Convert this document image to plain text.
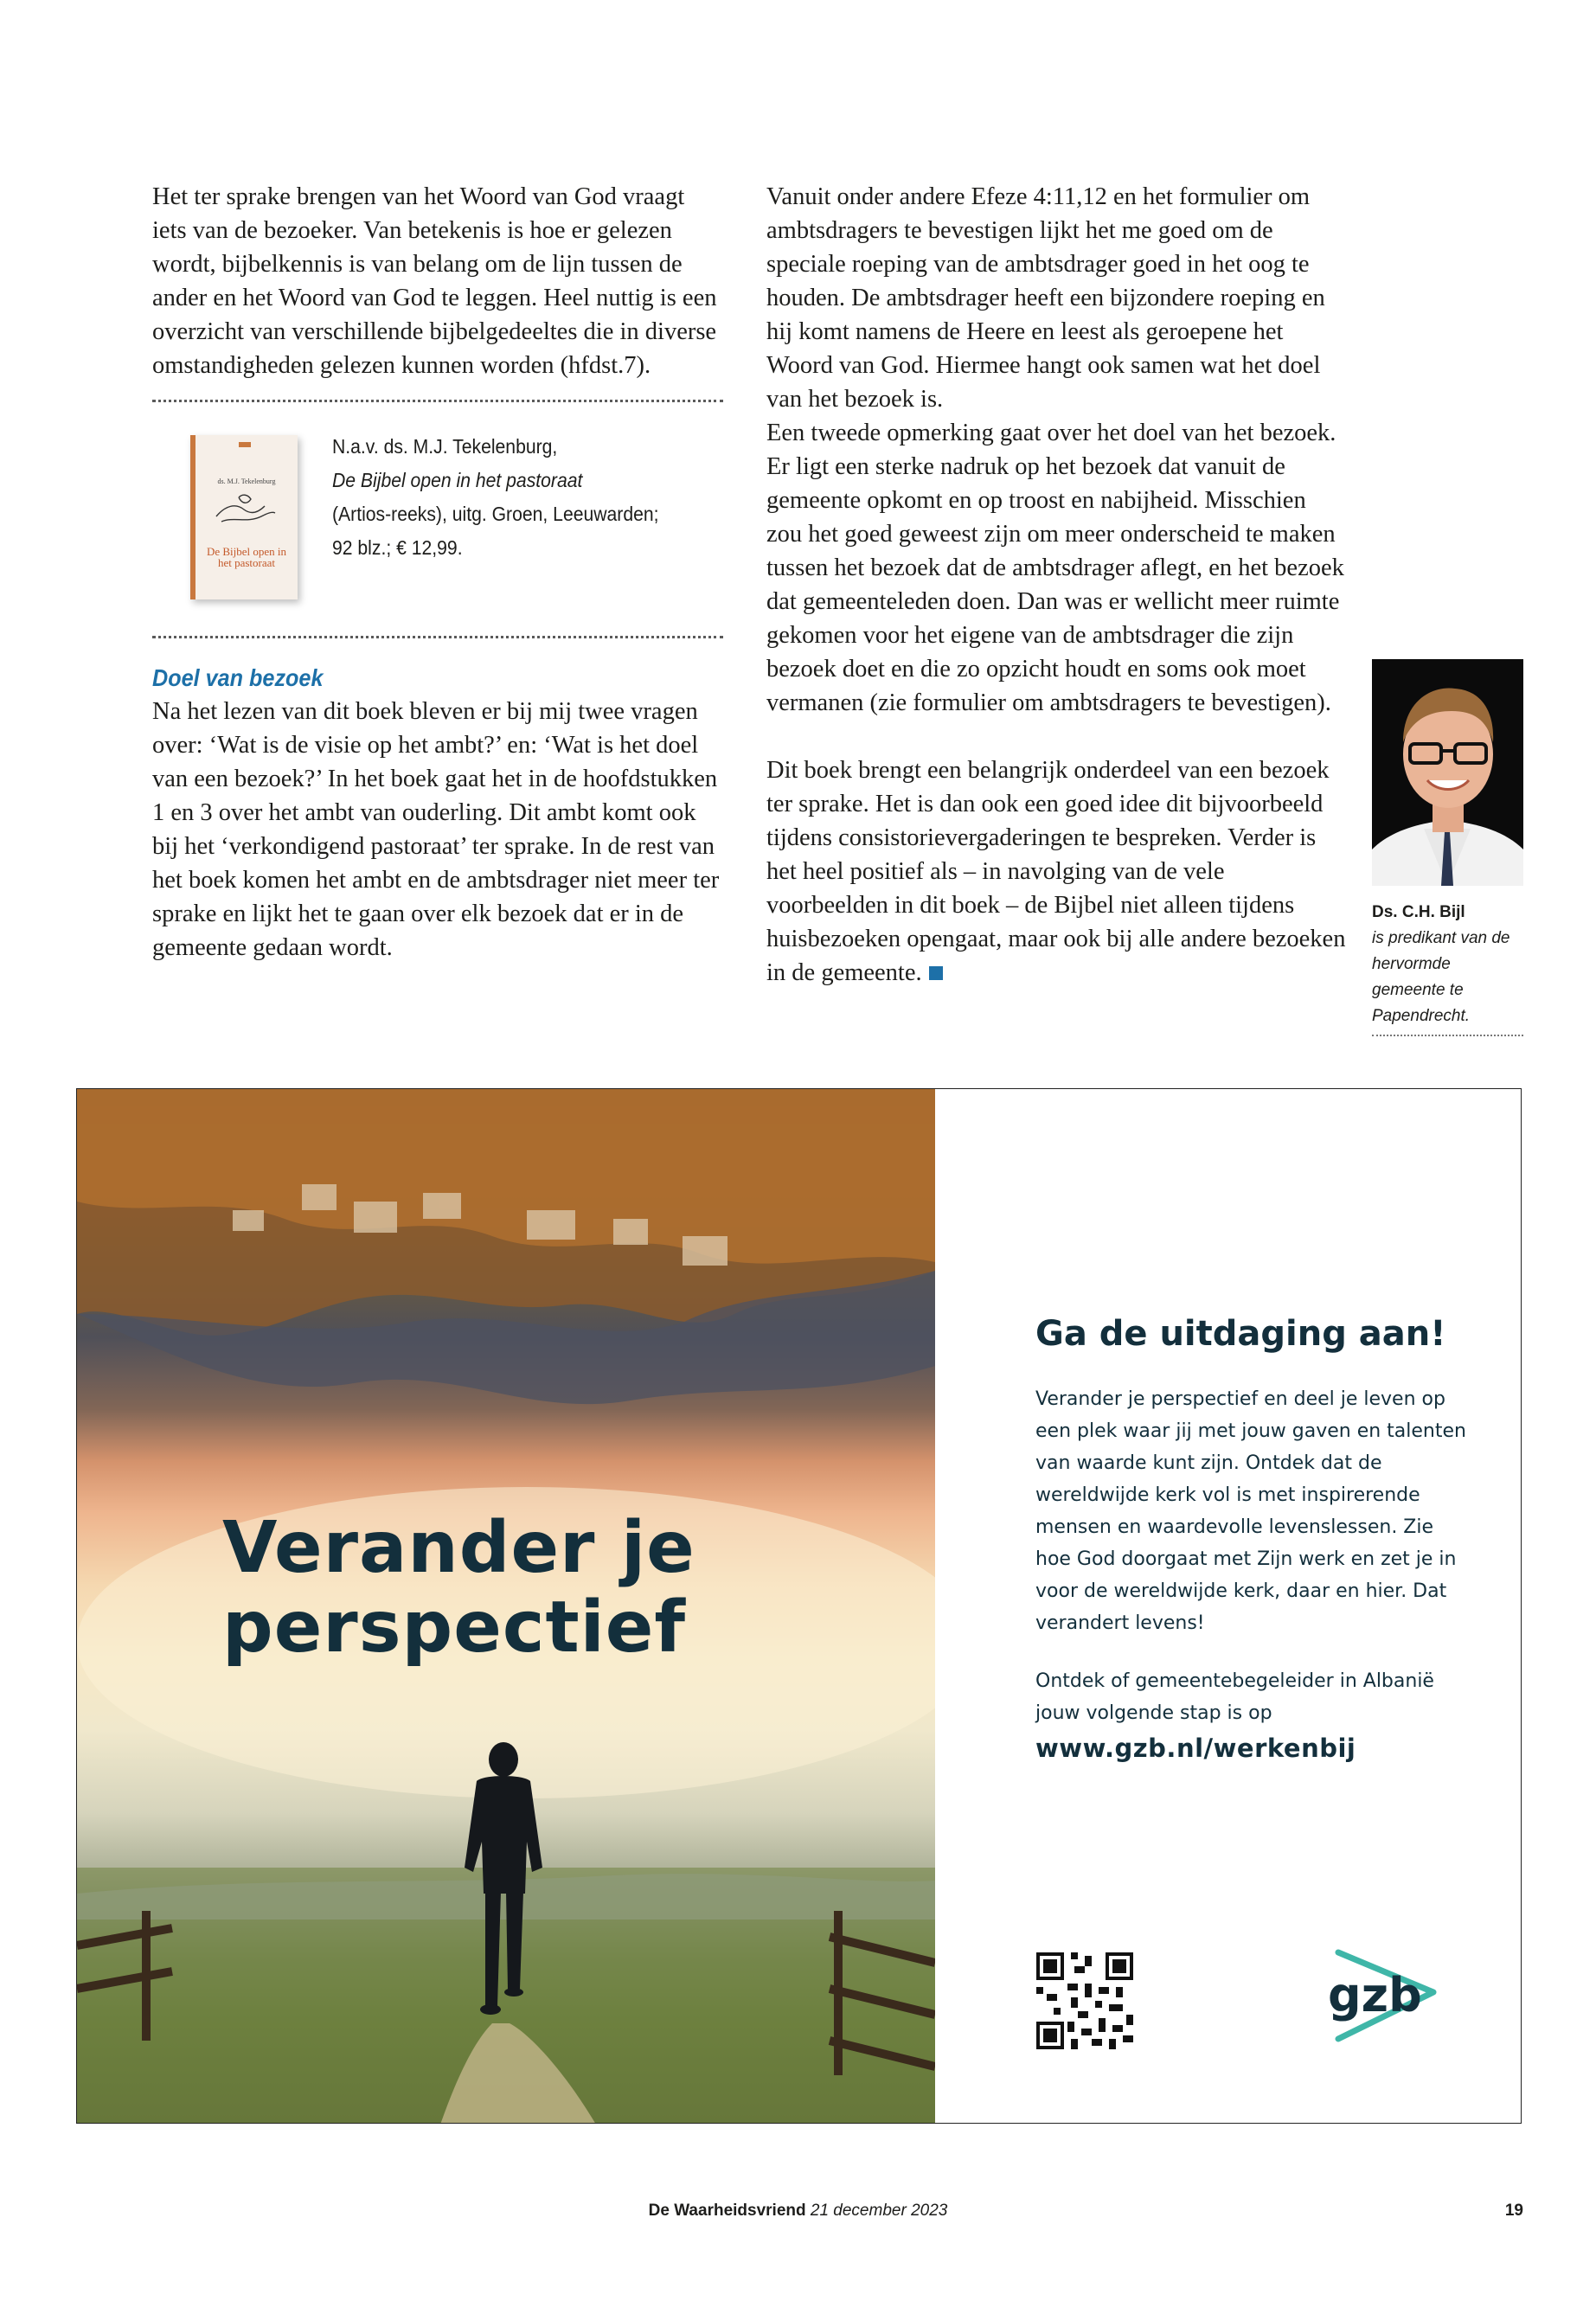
Het ter sprake brengen van het Woord van God vraagt iets van de bezoeker. Van betekenis is hoe er gelezen wordt, bijbelkennis is van belang om de lijn tussen de ander en het Woord van God te leggen. Heel nuttig is een overzicht van verschillende bijbelgedeeltes die in diverse omstandigheden gelezen kunnen worden (hfdst.7).

ds. M.J. Tekelenburg
De Bijbel open in het pastoraat
N.a.v. ds. M.J. Tekelenburg,
De Bijbel open in het pastoraat
(Artios-reeks), uitg. Groen, Leeuwarden;
92 blz.; € 12,99.

Doel van bezoek

Na het lezen van dit boek bleven er bij mij twee vragen over: ‘Wat is de visie op het ambt?’ en: ‘Wat is het doel van een bezoek?’ In het boek gaat het in de hoofdstukken 1 en 3 over het ambt van ouderling. Dit ambt komt ook bij het ‘verkondigend pastoraat’ ter sprake. In de rest van het boek komen het ambt en de ambtsdrager niet meer ter sprake en lijkt het te gaan over elk bezoek dat er in de gemeente gedaan wordt.

Vanuit onder andere Efeze 4:11,12 en het formulier om ambtsdragers te bevestigen lijkt het me goed om de speciale roeping van de ambtsdrager goed in het oog te houden. De ambtsdrager heeft een bijzondere roeping en hij komt namens de Heere en leest als geroepene het Woord van God. Hiermee hangt ook samen wat het doel van het bezoek is.

Een tweede opmerking gaat over het doel van het bezoek. Er ligt een sterke nadruk op het bezoek dat vanuit de gemeente opkomt en op troost en nabijheid. Misschien zou het goed geweest zijn om meer onderscheid te maken tussen het bezoek dat de ambtsdrager aflegt, en het bezoek dat gemeenteleden doen. Dan was er wellicht meer ruimte gekomen voor het eigene van de ambtsdrager die zijn bezoek doet en die zo opzicht houdt en soms ook moet vermanen (zie formulier om ambtsdragers te bevestigen).

Dit boek brengt een belangrijk onderdeel van een bezoek ter sprake. Het is dan ook een goed idee dit bijvoorbeeld tijdens consistorievergaderingen te bespreken. Verder is het heel positief als – in navolging van de vele voorbeelden in dit boek – de Bijbel niet alleen tijdens huisbezoeken opengaat, maar ook bij alle andere bezoeken in de gemeente.

Ds. C.H. Bijl
is predikant van de hervormde gemeente te Papendrecht.
Verander je
perspectief

Ga de uitdaging aan!

Verander je perspectief en deel je leven op een plek waar jij met jouw gaven en talenten van waarde kunt zijn. Ontdek dat de wereldwijde kerk vol is met inspirerende mensen en waardevolle levenslessen. Zie hoe God doorgaat met Zijn werk en zet je in voor de wereldwijde kerk, daar en hier. Dat verandert levens!

Ontdek of gemeentebegeleider in Albanië jouw volgende stap is op

www.gzb.nl/werkenbij
gzb
De Waarheidsvriend 21 december 2023	19
